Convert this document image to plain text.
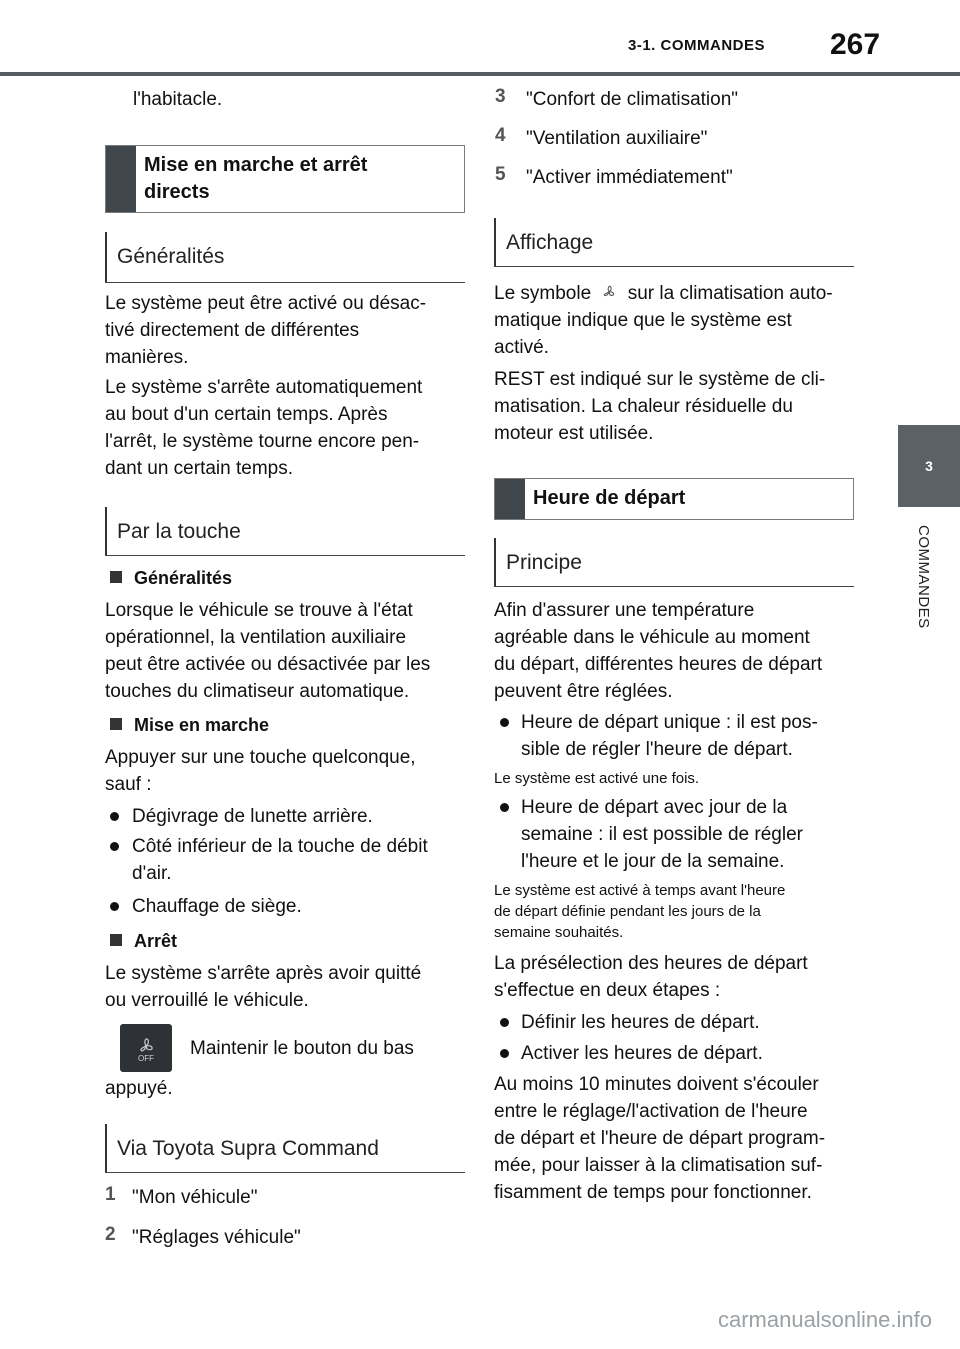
3-1. COMMANDES 267
3
COMMANDES

l'habitacle.

Mise en marche et arrêt
directs
Généralités

Le système peut être activé ou désac-

tivé directement de différentes

manières.

Le système s'arrête automatiquement

au bout d'un certain temps. Après

l'arrêt, le système tourne encore pen-

dant un certain temps.

Par la touche
Généralités

Lorsque le véhicule se trouve à l'état

opérationnel, la ventilation auxiliaire

peut être activée ou désactivée par les

touches du climatiseur automatique.

Mise en marche

Appuyer sur une touche quelconque,

sauf :

Dégivrage de lunette arrière.

Côté inférieur de la touche de débit

d'air.

Chauffage de siège.

Arrêt

Le système s'arrête après avoir quitté

ou verrouillé le véhicule.

OFF	Maintenir le bouton du bas

appuyé.

Via Toyota Supra Command
1 "Mon véhicule"

2 "Réglages véhicule"

3 "Confort de climatisation"

4 "Ventilation auxiliaire"

5 "Activer immédiatement"

Affichage

Le symbole sur la climatisation auto-

matique indique que le système est

activé.

REST est indiqué sur le système de cli-

matisation. La chaleur résiduelle du

moteur est utilisée.

Heure de départ
Principe

Afin d'assurer une température

agréable dans le véhicule au moment

du départ, différentes heures de départ

peuvent être réglées.

Heure de départ unique : il est pos-

sible de régler l'heure de départ.

Le système est activé une fois.

Heure de départ avec jour de la

semaine : il est possible de régler

l'heure et le jour de la semaine.

Le système est activé à temps avant l'heure

de départ définie pendant les jours de la

semaine souhaités.

La présélection des heures de départ

s'effectue en deux étapes :

Définir les heures de départ.

Activer les heures de départ.

Au moins 10 minutes doivent s'écouler

entre le réglage/l'activation de l'heure

de départ et l'heure de départ program-

mée, pour laisser à la climatisation suf-

fisamment de temps pour fonctionner.

carmanualsonline.info
